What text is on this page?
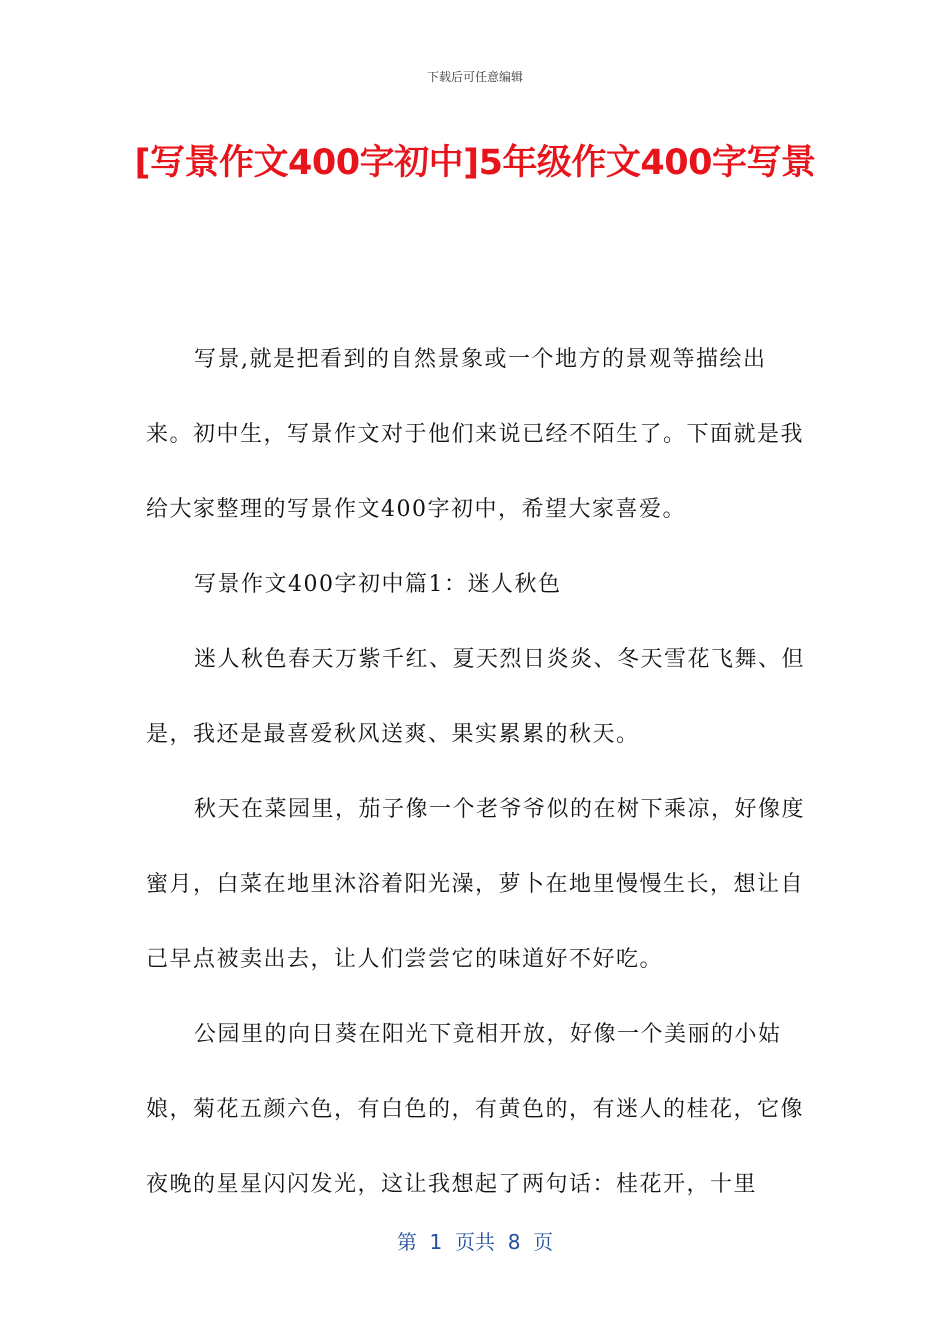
下载后可任意编辑
[写景作文400字初中]5年级作文400字写景

写景,就是把看到的自然景象或一个地方的景观等描绘出来。初中生，写景作文对于他们来说已经不陌生了。下面就是我给大家整理的写景作文400字初中，希望大家喜爱。

写景作文400字初中篇1：迷人秋色

迷人秋色春天万紫千红、夏天烈日炎炎、冬天雪花飞舞、但是，我还是最喜爱秋风送爽、果实累累的秋天。

秋天在菜园里，茄子像一个老爷爷似的在树下乘凉，好像度蜜月，白菜在地里沐浴着阳光澡，萝卜在地里慢慢生长，想让自己早点被卖出去，让人们尝尝它的味道好不好吃。

公园里的向日葵在阳光下竟相开放，好像一个美丽的小姑娘，菊花五颜六色，有白色的，有黄色的，有迷人的桂花，它像夜晚的星星闪闪发光，这让我想起了两句话：桂花开，十里

第  1  页共  8  页
